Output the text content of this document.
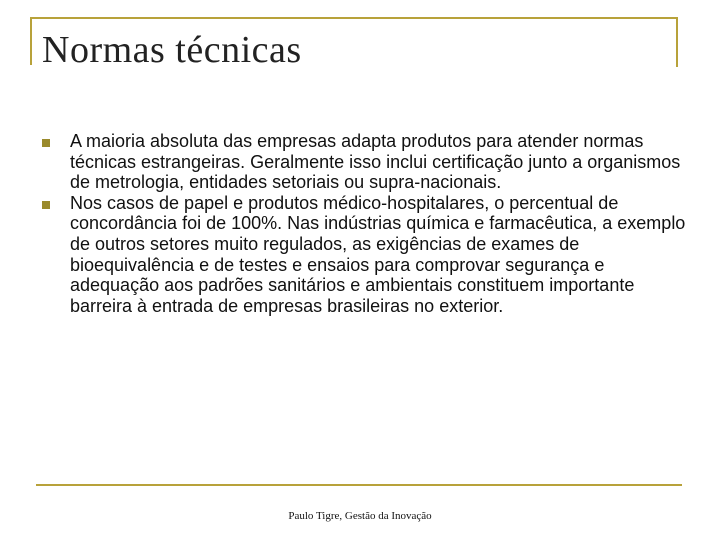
Normas técnicas
A maioria absoluta das empresas adapta produtos para atender normas técnicas estrangeiras. Geralmente isso inclui certificação junto a organismos de metrologia, entidades setoriais ou supra-nacionais.
Nos casos de papel e produtos médico-hospitalares, o percentual de concordância foi de 100%. Nas indústrias química e farmacêutica, a exemplo de outros setores muito regulados, as exigências de exames de bioequivalência e de testes e ensaios para comprovar segurança e adequação aos padrões sanitários e ambientais constituem importante barreira à entrada de empresas brasileiras no exterior.
Paulo Tigre, Gestão da Inovação
